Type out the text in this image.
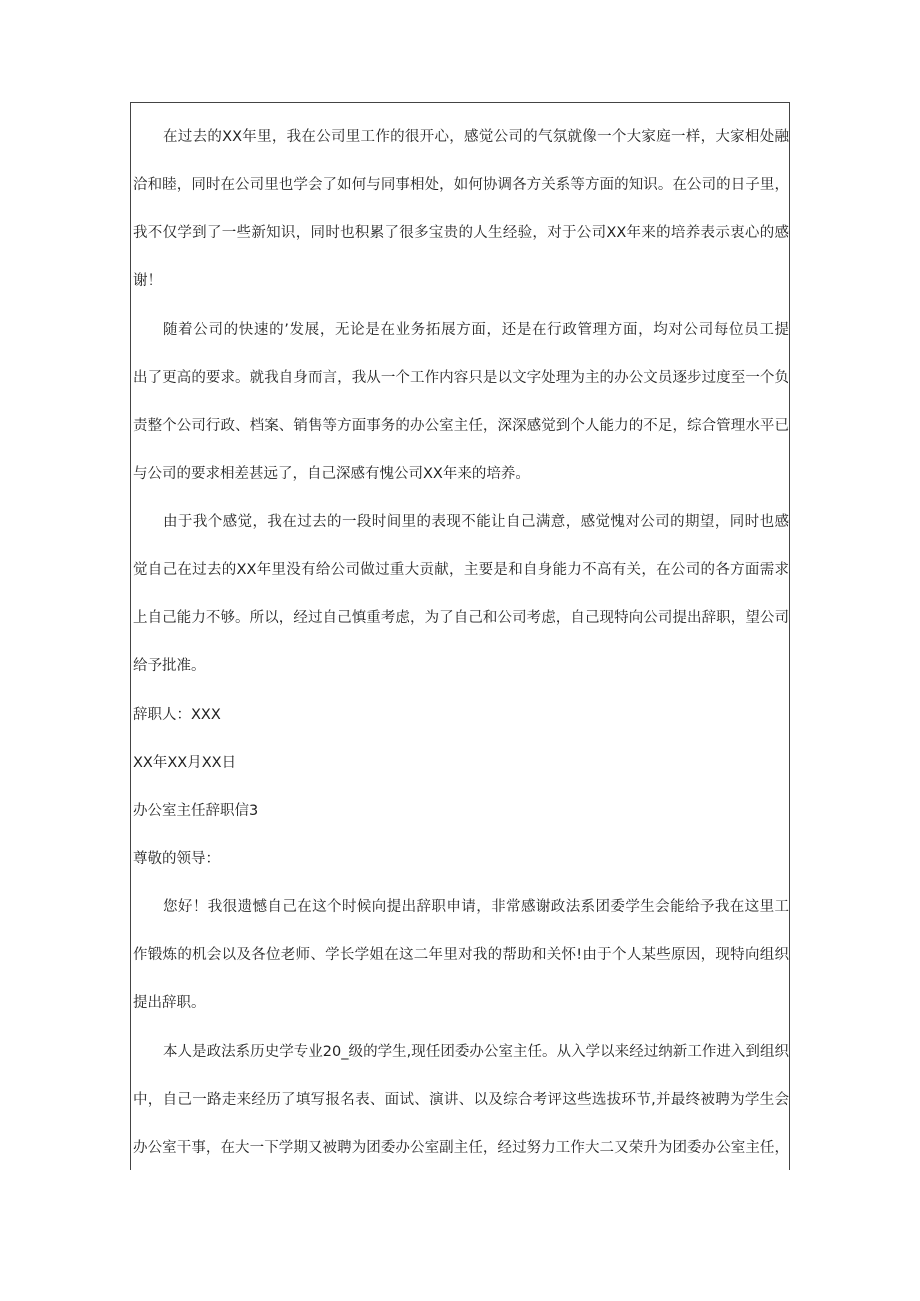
在过去的XX年里，我在公司里工作的很开心，感觉公司的气氛就像一个大家庭一样，大家相处融
洽和睦，同时在公司里也学会了如何与同事相处，如何协调各方关系等方面的知识。在公司的日子里，
我不仅学到了一些新知识，同时也积累了很多宝贵的人生经验，对于公司XX年来的培养表示衷心的感
谢！
随着公司的快速的’发展，无论是在业务拓展方面，还是在行政管理方面，均对公司每位员工提
出了更高的要求。就我自身而言，我从一个工作内容只是以文字处理为主的办公文员逐步过度至一个负
责整个公司行政、档案、销售等方面事务的办公室主任，深深感觉到个人能力的不足，综合管理水平已
与公司的要求相差甚远了，自己深感有愧公司XX年来的培养。
由于我个感觉，我在过去的一段时间里的表现不能让自己满意，感觉愧对公司的期望，同时也感
觉自己在过去的XX年里没有给公司做过重大贡献，主要是和自身能力不高有关，在公司的各方面需求
上自己能力不够。所以，经过自己慎重考虑，为了自己和公司考虑，自己现特向公司提出辞职，望公司
给予批准。
辞职人：XXX
XX年XX月XX日
办公室主任辞职信3
尊敬的领导：
您好！我很遗憾自己在这个时候向提出辞职申请，非常感谢政法系团委学生会能给予我在这里工
作锻炼的机会以及各位老师、学长学姐在这二年里对我的帮助和关怀!由于个人某些原因，现特向组织
提出辞职。
本人是政法系历史学专业20_级的学生,现任团委办公室主任。从入学以来经过纳新工作进入到组织
中，自己一路走来经历了填写报名表、面试、演讲、以及综合考评这些选拔环节,并最终被聘为学生会
办公室干事，在大一下学期又被聘为团委办公室副主任，经过努力工作大二又荣升为团委办公室主任，
